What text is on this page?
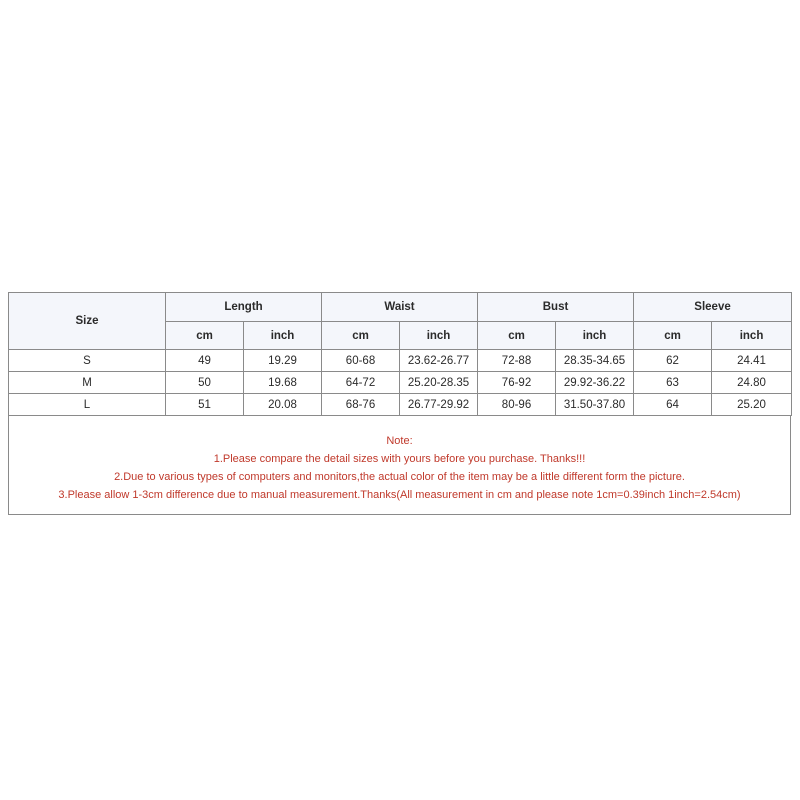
Size	Length		Waist		Bust		Sleeve	
	cm	inch	cm	inch	cm	inch	cm	inch
S	49	19.29	60-68	23.62-26.77	72-88	28.35-34.65	62	24.41
M	50	19.68	64-72	25.20-28.35	76-92	29.92-36.22	63	24.80
L	51	20.08	68-76	26.77-29.92	80-96	31.50-37.80	64	25.20
Note:
1.Please compare the detail sizes with yours before you purchase. Thanks!!!
2.Due to various types of computers and monitors,the actual color of the item may be a little different form the picture.
3.Please allow 1-3cm difference due to manual measurement.Thanks(All measurement in cm and please note 1cm=0.39inch 1inch=2.54cm)
